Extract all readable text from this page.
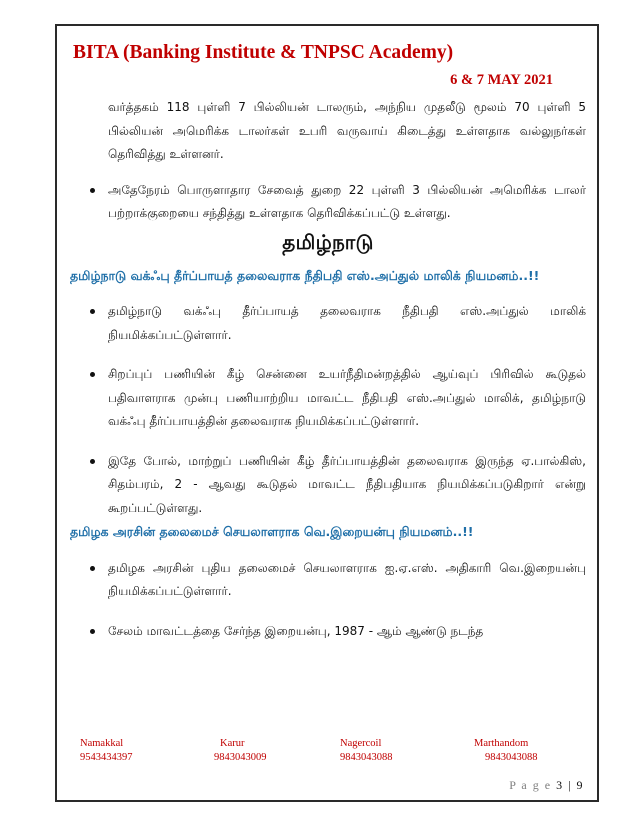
BITA (Banking Institute & TNPSC Academy)
6 & 7 MAY 2021

வர்த்தகம் 118 புள்ளி 7 பில்லியன் டாலரும், அந்நிய முதலீடு மூலம் 70 புள்ளி 5 பில்லியன் அமெரிக்க டாலர்கள் உபரி வருவாய் கிடைத்து உள்ளதாக வல்லுநர்கள் தெரிவித்து உள்ளனர்.

அதேநேரம் பொருளாதார சேவைத் துறை 22 புள்ளி 3 பில்லியன் அமெரிக்க டாலர் பற்றாக்குறையை சந்தித்து உள்ளதாக தெரிவிக்கப்பட்டு உள்ளது.
தமிழ்நாடு

தமிழ்நாடு வக்ஃபு தீர்ப்பாயத் தலைவராக நீதிபதி எஸ்.அப்துல் மாலிக் நியமனம்..!!

தமிழ்நாடு வக்ஃபு தீர்ப்பாயத் தலைவராக நீதிபதி எஸ்.அப்துல் மாலிக் நியமிக்கப்பட்டுள்ளார்.
சிறப்புப் பணியின் கீழ் சென்னை உயர்நீதிமன்றத்தில் ஆய்வுப் பிரிவில் கூடுதல் பதிவாளராக முன்பு பணியாற்றிய மாவட்ட நீதிபதி எஸ்.அப்துல் மாலிக், தமிழ்நாடு வக்ஃபு தீர்ப்பாயத்தின் தலைவராக நியமிக்கப்பட்டுள்ளார்.
இதே போல், மாற்றுப் பணியின் கீழ் தீர்ப்பாயத்தின் தலைவராக இருந்த ஏ.பால்கிஸ், சிதம்பரம், 2 - ஆவது கூடுதல் மாவட்ட நீதிபதியாக நியமிக்கப்படுகிறார் என்று கூறப்பட்டுள்ளது.

தமிழக அரசின் தலைமைச் செயலாளராக வெ.இறையன்பு நியமனம்..!!

தமிழக அரசின் புதிய தலைமைச் செயலாளராக ஐ.ஏ.எஸ். அதிகாரி வெ.இறையன்பு நியமிக்கப்பட்டுள்ளார்.
சேலம் மாவட்டத்தை சேர்ந்த இறையன்பு, 1987 - ஆம் ஆண்டு நடந்த
Namakkal
9543434397
Karur
9843043009
Nagercoil
9843043088
Marthandom
9843043088
P a g e 3 | 9
